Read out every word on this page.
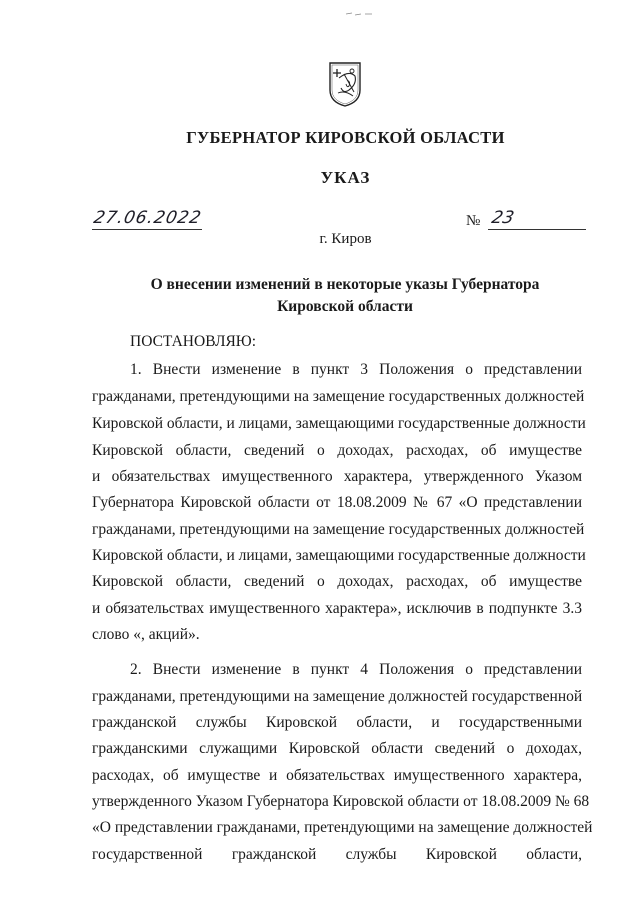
ГУБЕРНАТОР КИРОВСКОЙ ОБЛАСТИ
УКАЗ
27.06.2022	№ 23
г. Киров
О внесении изменений в некоторые указы Губернатора
Кировской области
ПОСТАНОВЛЯЮ:
1. Внести изменение в пункт 3 Положения о представлении
гражданами, претендующими на замещение государственных должностей
Кировской области, и лицами, замещающими государственные должности
Кировской области, сведений о доходах, расходах, об имуществе
и обязательствах имущественного характера, утвержденного Указом
Губернатора Кировской области от 18.08.2009 № 67 «О представлении
гражданами, претендующими на замещение государственных должностей
Кировской области, и лицами, замещающими государственные должности
Кировской области, сведений о доходах, расходах, об имуществе
и обязательствах имущественного характера», исключив в подпункте 3.3
слово «, акций».
2. Внести изменение в пункт 4 Положения о представлении
гражданами, претендующими на замещение должностей государственной
гражданской службы Кировской области, и государственными
гражданскими служащими Кировской области сведений о доходах,
расходах, об имуществе и обязательствах имущественного характера,
утвержденного Указом Губернатора Кировской области от 18.08.2009 № 68
«О представлении гражданами, претендующими на замещение должностей
государственной гражданской службы Кировской области,
